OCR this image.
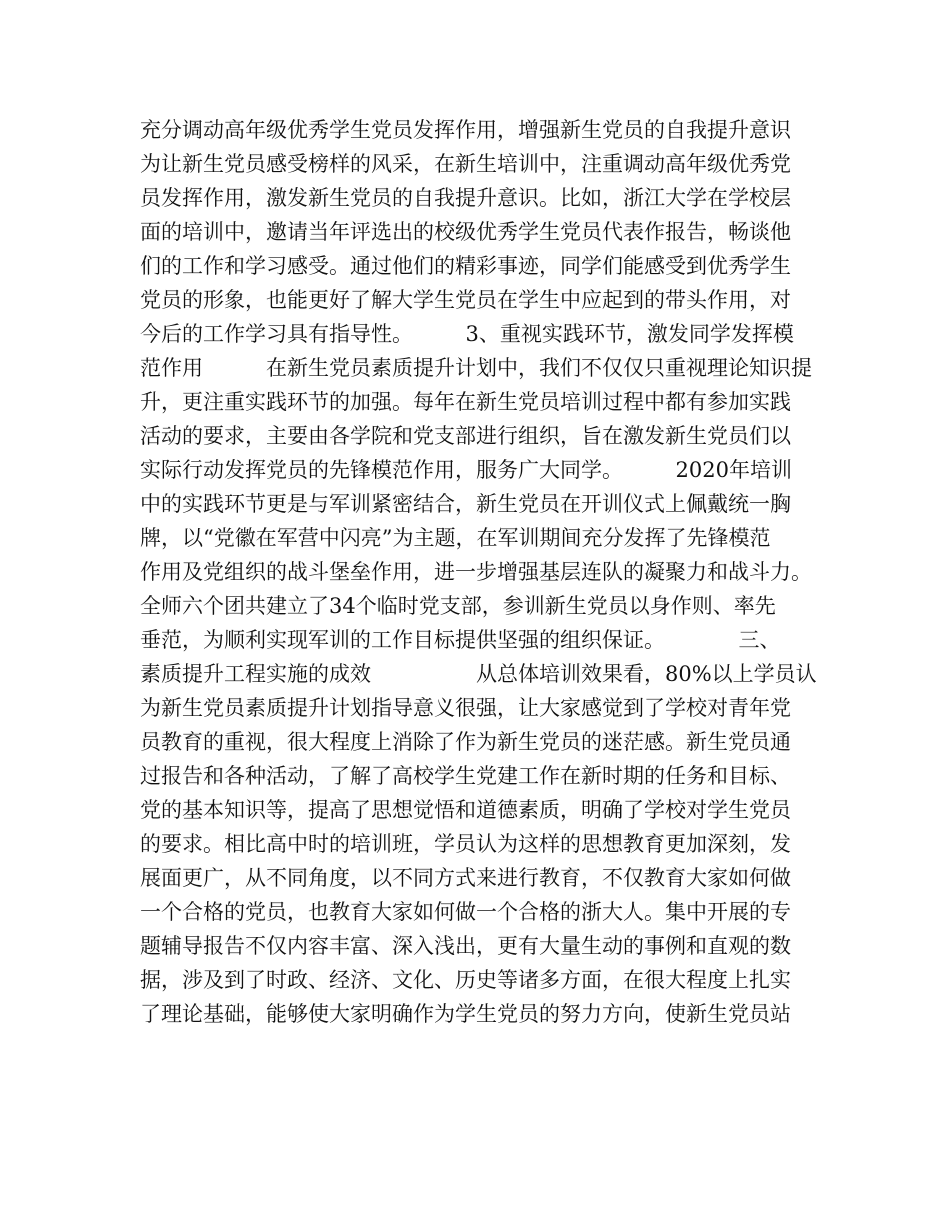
充分调动高年级优秀学生党员发挥作用，增强新生党员的自我提升意识
为让新生党员感受榜样的风采，在新生培训中，注重调动高年级优秀党
员发挥作用，激发新生党员的自我提升意识。比如，浙江大学在学校层
面的培训中，邀请当年评选出的校级优秀学生党员代表作报告，畅谈他
们的工作和学习感受。通过他们的精彩事迹，同学们能感受到优秀学生
党员的形象，也能更好了解大学生党员在学生中应起到的带头作用，对
今后的工作学习具有指导性。　　　3、重视实践环节，激发同学发挥模
范作用　　　在新生党员素质提升计划中，我们不仅仅只重视理论知识提
升，更注重实践环节的加强。每年在新生党员培训过程中都有参加实践
活动的要求，主要由各学院和党支部进行组织，旨在激发新生党员们以
实际行动发挥党员的先锋模范作用，服务广大同学。　　　2020年培训
中的实践环节更是与军训紧密结合，新生党员在开训仪式上佩戴统一胸
牌，以“党徽在军营中闪亮”为主题，在军训期间充分发挥了先锋模范
作用及党组织的战斗堡垒作用，进一步增强基层连队的凝聚力和战斗力。
全师六个团共建立了34个临时党支部，参训新生党员以身作则、率先
垂范，为顺利实现军训的工作目标提供坚强的组织保证。　　　　三、
素质提升工程实施的成效　　　　　从总体培训效果看，80%以上学员认
为新生党员素质提升计划指导意义很强，让大家感觉到了学校对青年党
员教育的重视，很大程度上消除了作为新生党员的迷茫感。新生党员通
过报告和各种活动，了解了高校学生党建工作在新时期的任务和目标、
党的基本知识等，提高了思想觉悟和道德素质，明确了学校对学生党员
的要求。相比高中时的培训班，学员认为这样的思想教育更加深刻，发
展面更广，从不同角度，以不同方式来进行教育，不仅教育大家如何做
一个合格的党员，也教育大家如何做一个合格的浙大人。集中开展的专
题辅导报告不仅内容丰富、深入浅出，更有大量生动的事例和直观的数
据，涉及到了时政、经济、文化、历史等诸多方面，在很大程度上扎实
了理论基础，能够使大家明确作为学生党员的努力方向，使新生党员站
